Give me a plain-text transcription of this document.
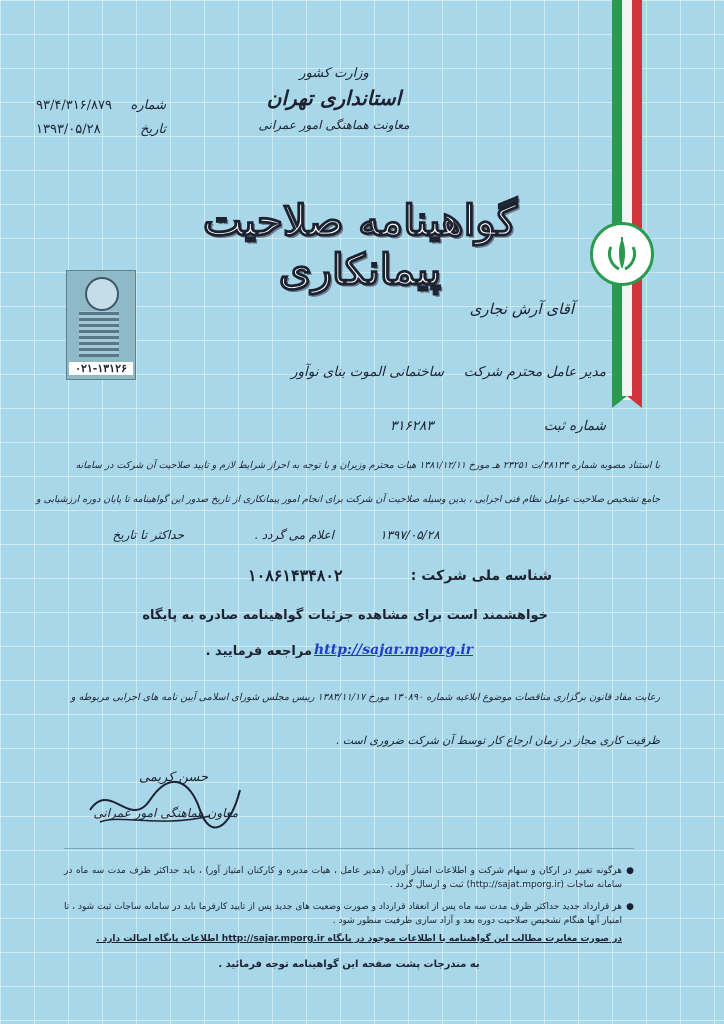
وزارت کشور
استانداری تهران
معاونت هماهنگی امور عمرانی
شماره
۹۳/۴/۳۱۶/۸۷۹
تاریخ
۱۳۹۳/۰۵/۲۸
گواهینامه صلاحیت پیمانکاری
۰۲۱-۱۳۱۲۶
آقای آرش نجاری
مدیر عامل محترم شرکت
ساختمانی الموت بنای نوآور
شماره ثبت
۳۱۶۲۸۳
با استناد مصوبه شماره ۴۸۱۳۳/ت ۲۳۲۵۱ هـ مورخ ۱۳۸۱/۱۲/۱۱ هیات محترم وزیران و با توجه به احراز شرایط لازم و تایید صلاحیت آن شرکت در سامانه
جامع تشخیص صلاحیت عوامل نظام فنی اجرایی ، بدین وسیله صلاحیت آن شرکت برای انجام امور پیمانکاری از تاریخ صدور این گواهینامه تا پایان دوره ارزشیابی و
حداکثر تا تاریخ	۱۳۹۷/۰۵/۲۸
اعلام می گردد .
شناسه ملی شرکت :
۱۰۸۶۱۴۳۴۸۰۲
خواهشمند است برای مشاهده جزئیات گواهینامه صادره به پایگاه
http://sajar.mporg.ir
مراجعه فرمایید .
رعایت مفاد قانون برگزاری مناقصات موضوع ابلاغیه شماره ۱۳۰۸۹۰ مورخ ۱۳۸۳/۱۱/۱۷ رییس مجلس شورای اسلامی آیین نامه های اجرایی مربوطه و
ظرفیت کاری مجاز در زمان ارجاع کار توسط آن شرکت ضروری است .
حسن کریمی
معاون هماهنگی امور عمرانی
●
هرگونه تغییر در ارکان و سهام شرکت و اطلاعات امتیاز آوران (مدیر عامل ، هیات مدیره و کارکنان امتیاز آور) ، باید حداکثر ظرف مدت سه ماه در سامانه ساجات (http://sajat.mporg.ir) ثبت و ارسال گردد .
●
هر قرارداد جدید حداکثر ظرف مدت سه ماه پس از انعقاد قرارداد و صورت وضعیت های جدید پس از تایید کارفرما باید در سامانه ساجات ثبت شود ، تا امتیاز آنها هنگام تشخیص صلاحیت دوره بعد و آزاد سازی ظرفیت منظور شود .
در صورت مغایرت مطالب این گواهینامه با اطلاعات موجود در پایگاه http://sajar.mporg.ir اطلاعات پایگاه اصالت دارد .
به مندرجات پشت صفحه این گواهینامه توجه فرمائید .
